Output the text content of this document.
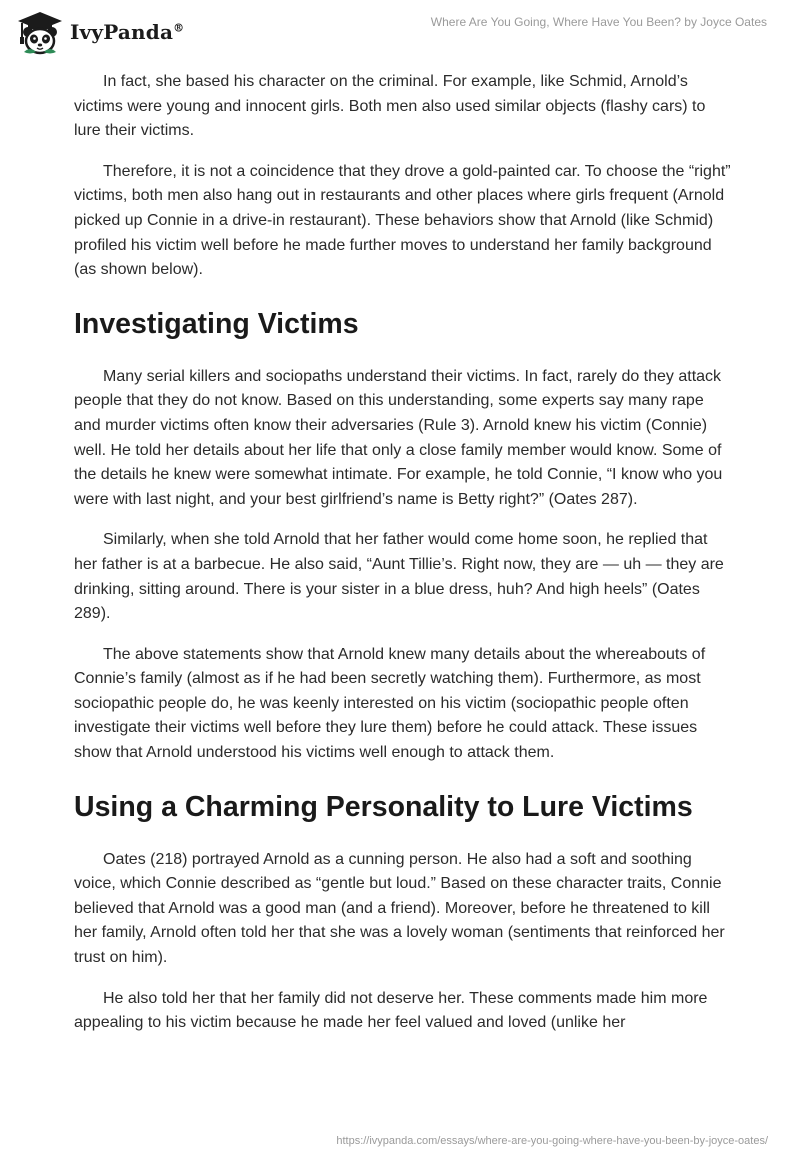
IvyPanda®	Where Are You Going, Where Have You Been? by Joyce Oates

In fact, she based his character on the criminal. For example, like Schmid, Arnold’s victims were young and innocent girls. Both men also used similar objects (flashy cars) to lure their victims.

Therefore, it is not a coincidence that they drove a gold-painted car. To choose the “right” victims, both men also hang out in restaurants and other places where girls frequent (Arnold picked up Connie in a drive-in restaurant). These behaviors show that Arnold (like Schmid) profiled his victim well before he made further moves to understand her family background (as shown below).

Investigating Victims

Many serial killers and sociopaths understand their victims. In fact, rarely do they attack people that they do not know. Based on this understanding, some experts say many rape and murder victims often know their adversaries (Rule 3). Arnold knew his victim (Connie) well. He told her details about her life that only a close family member would know. Some of the details he knew were somewhat intimate. For example, he told Connie, “I know who you were with last night, and your best girlfriend’s name is Betty right?” (Oates 287).

Similarly, when she told Arnold that her father would come home soon, he replied that her father is at a barbecue. He also said, “Aunt Tillie’s. Right now, they are — uh — they are drinking, sitting around. There is your sister in a blue dress, huh? And high heels” (Oates 289).

The above statements show that Arnold knew many details about the whereabouts of Connie’s family (almost as if he had been secretly watching them). Furthermore, as most sociopathic people do, he was keenly interested on his victim (sociopathic people often investigate their victims well before they lure them) before he could attack. These issues show that Arnold understood his victims well enough to attack them.

Using a Charming Personality to Lure Victims

Oates (218) portrayed Arnold as a cunning person. He also had a soft and soothing voice, which Connie described as “gentle but loud.” Based on these character traits, Connie believed that Arnold was a good man (and a friend). Moreover, before he threatened to kill her family, Arnold often told her that she was a lovely woman (sentiments that reinforced her trust on him).

He also told her that her family did not deserve her. These comments made him more appealing to his victim because he made her feel valued and loved (unlike her

https://ivypanda.com/essays/where-are-you-going-where-have-you-been-by-joyce-oates/
